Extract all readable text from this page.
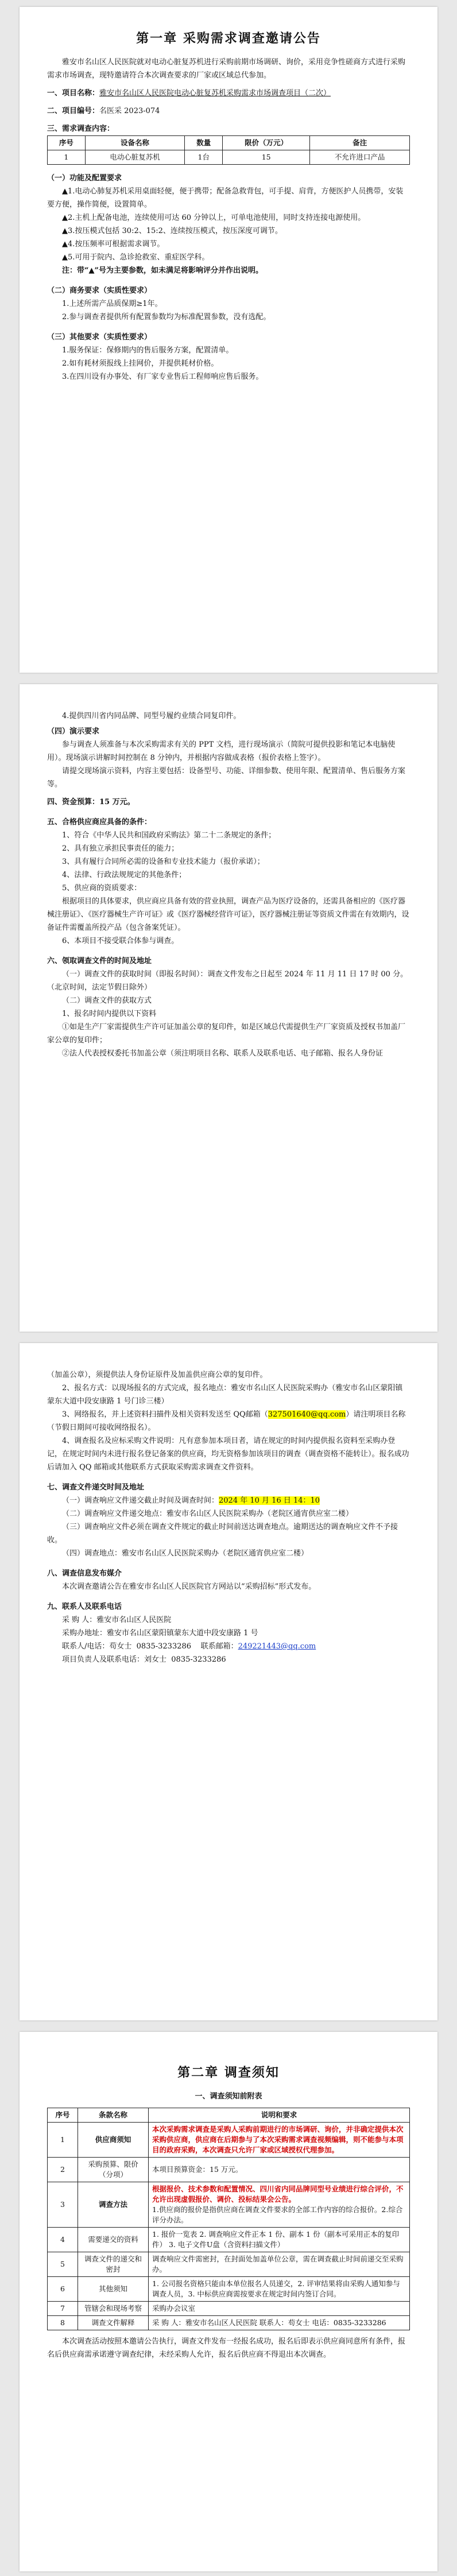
第一章 采购需求调查邀请公告

雅安市名山区人民医院就对电动心脏复苏机进行采购前期市场调研、询价，采用竞争性磋商方式进行采购需求市场调查，现特邀请符合本次调查要求的厂家或区域总代参加。

一、项目名称：雅安市名山区人民医院电动心脏复苏机采购需求市场调查项目（二次）

二、项目编号：名医采 2023-074

三、需求调查内容：

序号	设备名称	数量	限价（万元）	备注
1	电动心脏复苏机	1台	15	不允许进口产品

（一）功能及配置要求

▲1.电动心肺复苏机采用桌面轻便，便于携带；配备急救背包，可手提、肩背，方便医护人员携带，安装要方便，操作简便，设置简单。

▲2.主机上配备电池，连续使用可达 60 分钟以上，可单电池使用，同时支持连接电源使用。

▲3.按压模式包括 30:2、15:2、连续按压模式，按压深度可调节。

▲4.按压频率可根据需求调节。

▲5.可用于院内、急诊抢救室、重症医学科。

注：带“▲”号为主要参数，如未满足将影响评分并作出说明。

（二）商务要求（实质性要求）

1.上述所需产品质保期≥1年。

2.参与调查者提供所有配置参数均为标准配置参数，没有选配。

（三）其他要求（实质性要求）

1.服务保证：保修期内的售后服务方案，配置清单。

2.如有耗材须报线上挂网价，并提供耗材价格。

3.在四川设有办事处、有厂家专业售后工程师响应售后服务。

4.提供四川省内同品牌、同型号履约业绩合同复印件。

（四）演示要求

参与调查人须准备与本次采购需求有关的 PPT 文档，进行现场演示（简院可提供投影和笔记本电脑使用）。现场演示讲解时间控制在 8 分钟内，并根据内容做成表格（报价表格上签字）。

请提交现场演示资料，内容主要包括：设备型号、功能、详细参数、使用年限、配置清单、售后服务方案等。

四、资金预算：15 万元。

五、合格供应商应具备的条件：

1、符合《中华人民共和国政府采购法》第二十二条规定的条件；

2、具有独立承担民事责任的能力；

3、具有履行合同所必需的设备和专业技术能力（报价承诺）；

4、法律、行政法规规定的其他条件；

5、供应商的资质要求：

根据项目的具体要求，供应商应具备有效的营业执照，调查产品为医疗设备的，还需具备相应的《医疗器械注册证》、《医疗器械生产许可证》或《医疗器械经营许可证》，医疗器械注册证等资质文件需在有效期内，设备证件需覆盖所投产品（包含备案凭证）。

6、本项目不接受联合体参与调查。

六、领取调查文件的时间及地址

（一）调查文件的获取时间（即报名时间）：调查文件发布之日起至 2024 年 11 月 11 日 17 时 00 分。（北京时间，法定节假日除外）

（二）调查文件的获取方式

1、报名时间内提供以下资料

①如是生产厂家需提供生产许可证加盖公章的复印件，如是区域总代需提供生产厂家资质及授权书加盖厂家公章的复印件；

②法人代表授权委托书加盖公章（须注明项目名称、联系人及联系电话、电子邮箱、报名人身份证

（加盖公章），须提供法人身份证原件及加盖供应商公章的复印件。

2、报名方式：以现场报名的方式完成，报名地点：雅安市名山区人民医院采购办（雅安市名山区蒙阳镇蒙东大道中段安康路 1 号门诊三楼）

3、网络报名，并上述资料扫描件及相关资料发送至 QQ邮箱（327501640@qq.com）请注明项目名称（节假日期间可接收网络报名）。

4、调查报名及应标采购文件说明：凡有意参加本项目者，请在规定的时间内提供报名资料至采购办登记，在规定时间内未进行报名登记备案的供应商，均无资格参加该项目的调查（调查资格不能转让）。报名成功后请加入 QQ 邮箱或其他联系方式获取采购需求调查文件资料。

七、调查文件递交时间及地址

（一）调查响应文件递交截止时间及调查时间：2024 年 10 月 16 日 14：10

（二）调查响应文件递交地点：雅安市名山区人民医院采购办（老院区通宵供应室二楼）

（三）调查响应文件必须在调查文件规定的截止时间前送达调查地点。逾期送达的调查响应文件不予接收。

（四）调查地点：雅安市名山区人民医院采购办（老院区通宵供应室二楼）

八、调查信息发布媒介

本次调查邀请公告在雅安市名山区人民医院官方网站以“采购招标”形式发布。

九、联系人及联系电话

采 购 人：雅安市名山区人民医院

采购办地址：雅安市名山区蒙阳镇蒙东大道中段安康路 1 号

联系人/电话：苟女士 0835-3233286 联系邮箱：249221443@qq.com

项目负责人及联系电话：刘女士 0835-3233286

第二章 调查须知

一、调查须知前附表

序号	条款名称	说明和要求
1	供应商须知	本次采购需求调查是采购人采购前期进行的市场调研、询价，并非确定提供本次采购供应商，供应商在后期参与了本次采购需求调查视频编辑，则不能参与本项目的政府采购，本次调查只允许厂家或区域授权代理参加。
2	采购预算、限价（分项）	本项目预算资金：15 万元。
3	调查方法	根据报价、技术参数和配置情况、四川省内同品牌同型号业绩进行综合评价，不允许出现虚假报价、调价、投标结果会公告。
1.供应商的报价是指供应商在调查文件要求的全部工作内容的综合报价。2.综合评分办法。
4	需要递交的资料	1. 报价一览表 2. 调查响应文件正本 1 份、副本 1 份（副本可采用正本的复印件） 3. 电子文件U盘（含资料扫描文件）
5	调查文件的递交和密封	调查响应文件需密封，在封面处加盖单位公章，需在调查截止时间前递交至采购办。
6	其他须知	1. 公司报名资格只能由本单位报名人员递交，2. 评审结果将由采购人通知参与调查人员，3. 中标供应商需按要求在规定时间内签订合同。
7	管辖会和现场考察	采购办会议室
8	调查文件解释	采 购 人：雅安市名山区人民医院 联系人：苟女士 电话：0835-3233286

本次调查活动按照本邀请公告执行，调查文件发布一经报名成功，报名后即表示供应商同意所有条件，报名后供应商需承诺遵守调查纪律，未经采购人允许，报名后供应商不得退出本次调查。
